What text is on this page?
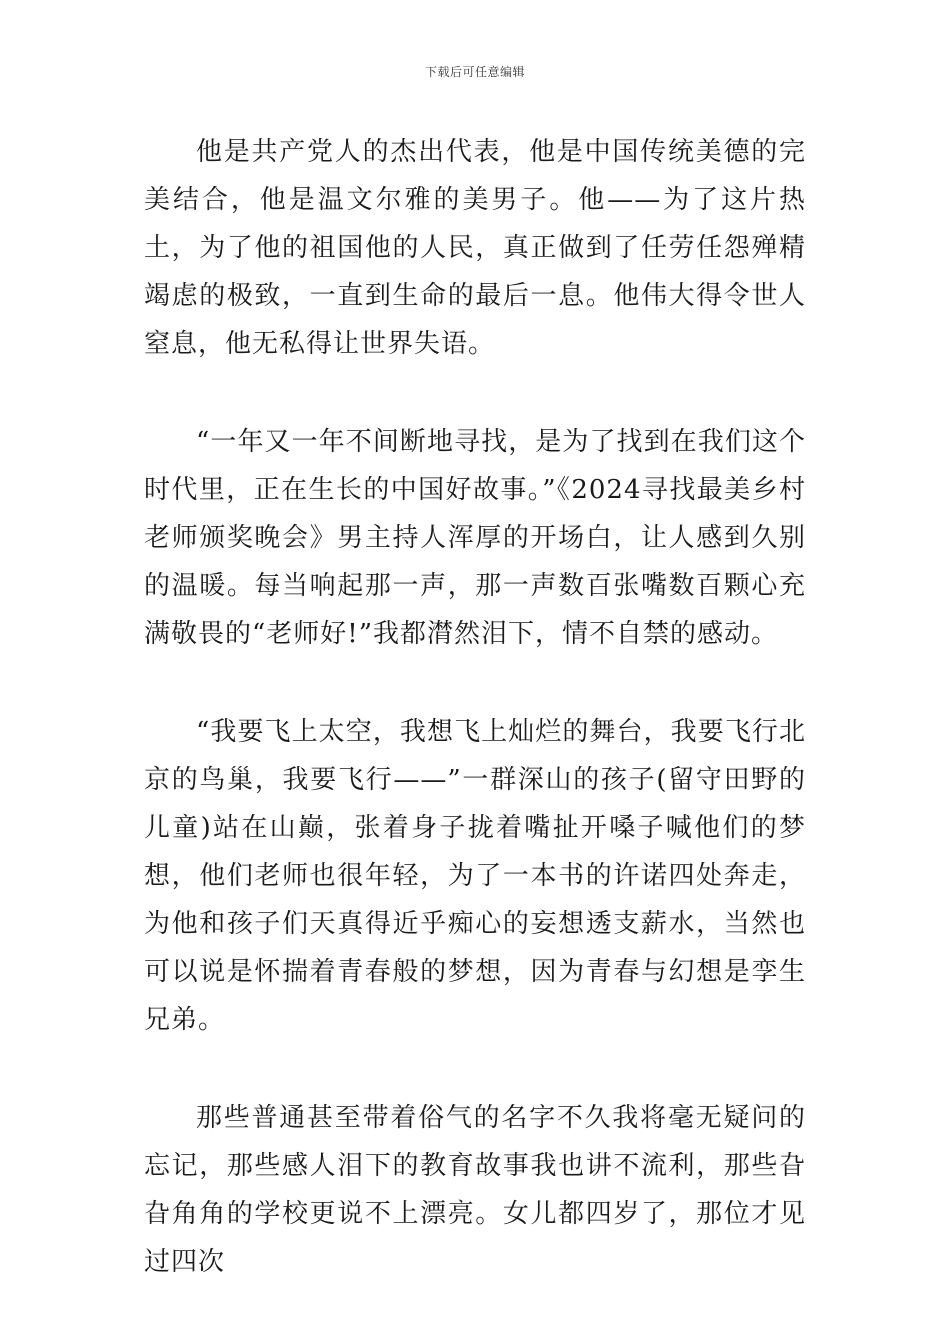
下载后可任意编辑

他是共产党人的杰出代表，他是中国传统美德的完美结合，他是温文尔雅的美男子。他——为了这片热土，为了他的祖国他的人民，真正做到了任劳任怨殚精竭虑的极致，一直到生命的最后一息。他伟大得令世人窒息，他无私得让世界失语。

“一年又一年不间断地寻找，是为了找到在我们这个时代里，正在生长的中国好故事。”《2024寻找最美乡村老师颁奖晚会》男主持人浑厚的开场白，让人感到久别的温暖。每当响起那一声，那一声数百张嘴数百颗心充满敬畏的“老师好!”我都潸然泪下，情不自禁的感动。

“我要飞上太空，我想飞上灿烂的舞台，我要飞行北京的鸟巢，我要飞行——”一群深山的孩子(留守田野的儿童)站在山巅，张着身子拢着嘴扯开嗓子喊他们的梦想，他们老师也很年轻，为了一本书的许诺四处奔走，为他和孩子们天真得近乎痴心的妄想透支薪水，当然也可以说是怀揣着青春般的梦想，因为青春与幻想是孪生兄弟。

那些普通甚至带着俗气的名字不久我将毫无疑问的忘记，那些感人泪下的教育故事我也讲不流利，那些旮旮角角的学校更说不上漂亮。女儿都四岁了，那位才见过四次
